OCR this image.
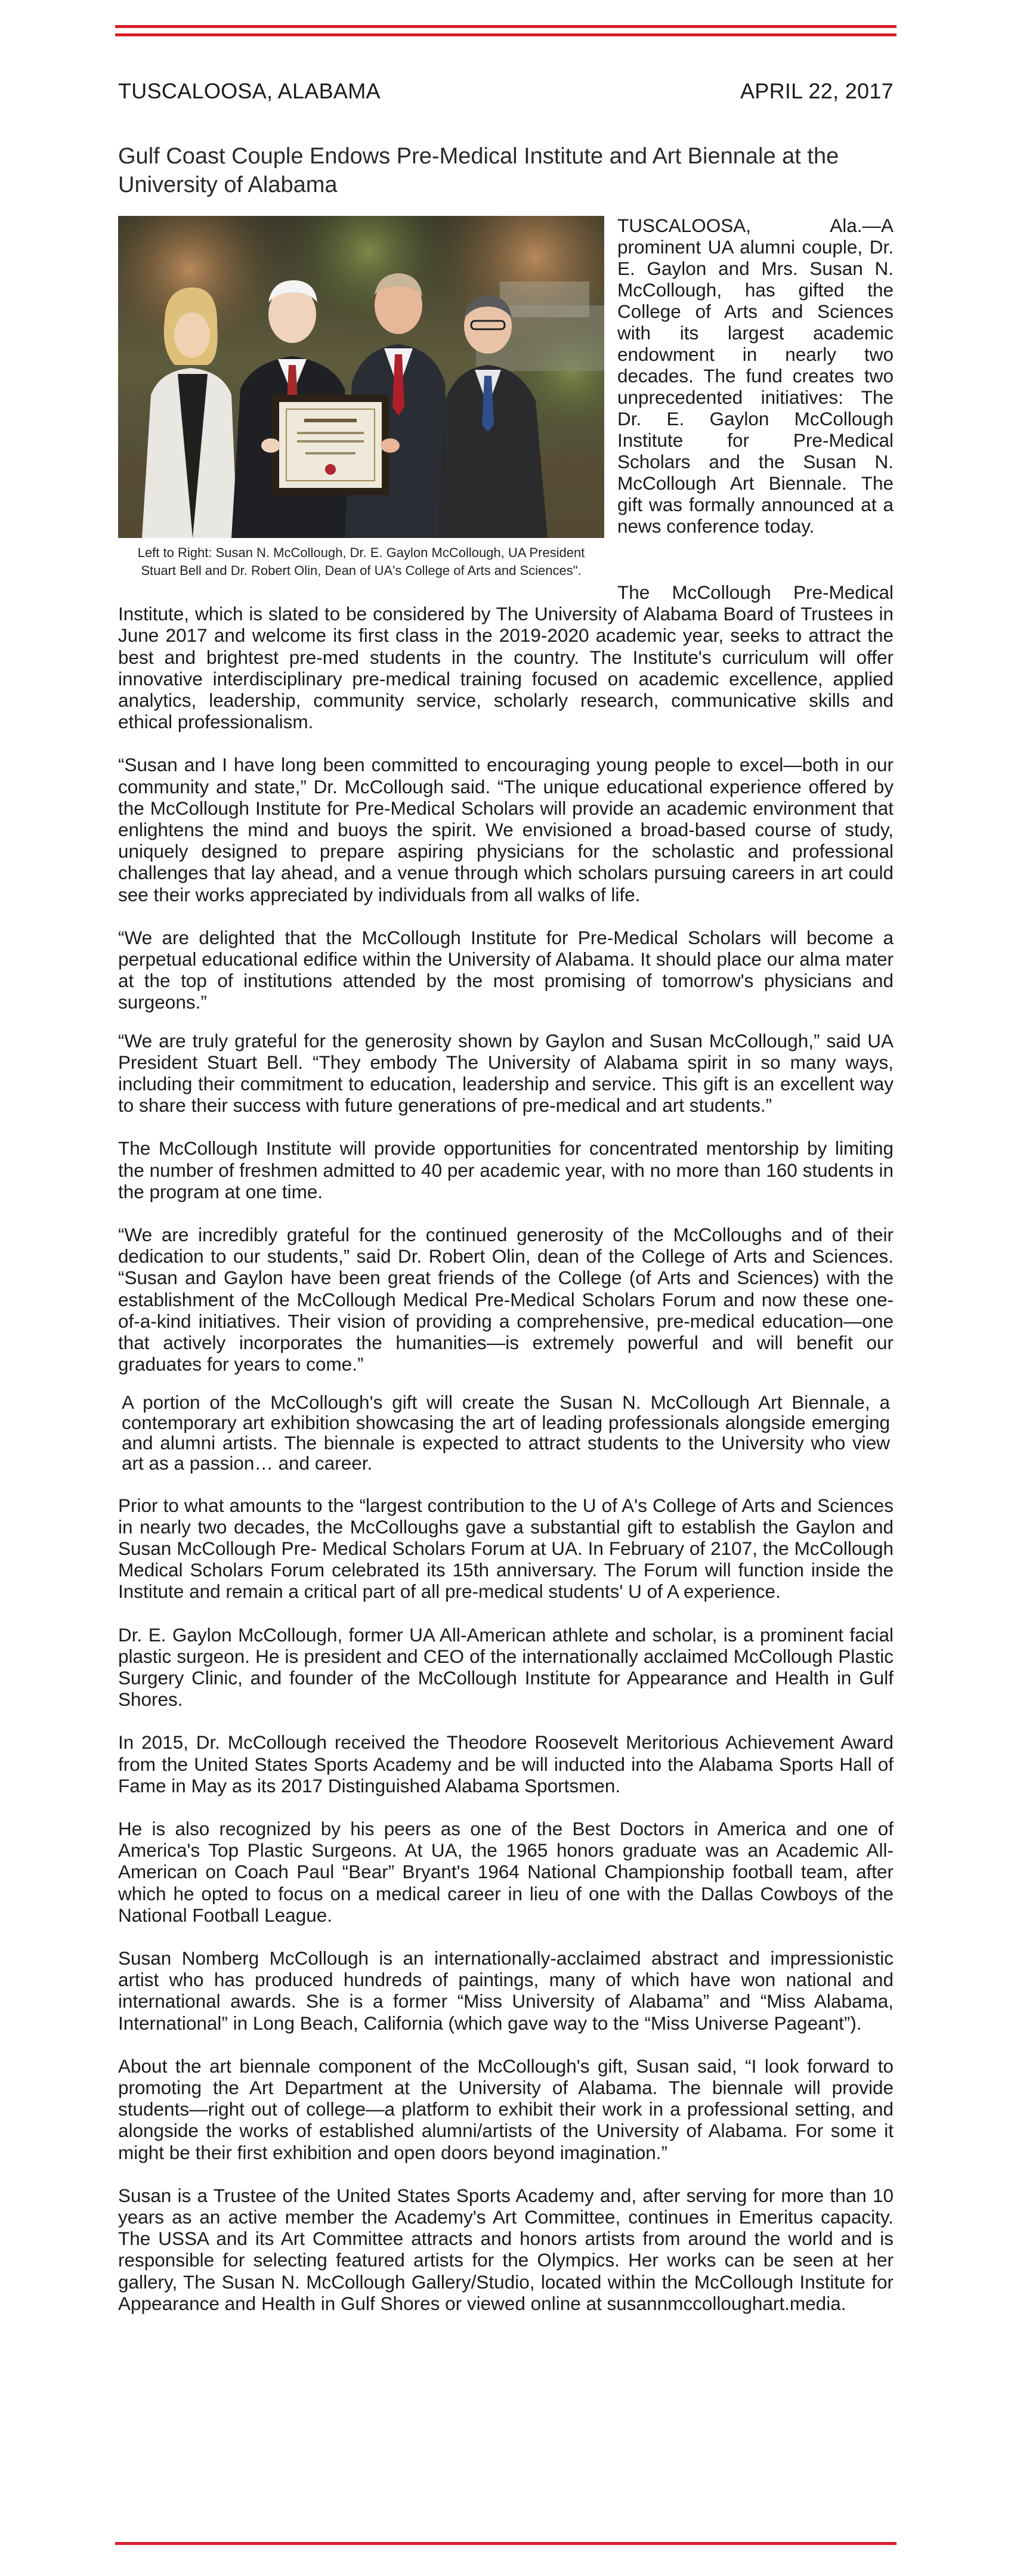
TUSCALOOSA, ALABAMA	APRIL 22, 2017
Gulf Coast Couple Endows Pre-Medical Institute and Art Biennale at the University of Alabama
Left to Right: Susan N. McCollough, Dr. E. Gaylon McCollough, UA President
Stuart Bell and Dr. Robert Olin, Dean of UA's College of Arts and Sciences".

TUSCALOOSA, Ala.—A prominent UA alumni couple, Dr. E. Gaylon and Mrs. Susan N. McCollough, has gifted the College of Arts and Sciences with its largest academic endowment in nearly two decades. The fund creates two unprecedented initiatives: The Dr. E. Gaylon McCollough Institute for Pre-Medical Scholars and the Susan N. McCollough Art Biennale. The gift was formally announced at a news conference today.

The McCollough Pre-Medical Institute, which is slated to be considered by The University of Alabama Board of Trustees in June 2017 and welcome its first class in the 2019-2020 academic year, seeks to attract the best and brightest pre-med students in the country. The Institute's curriculum will offer innovative interdisciplinary pre-medical training focused on academic excellence, applied analytics, leadership, community service, scholarly research, communicative skills and ethical professionalism.

“Susan and I have long been committed to encouraging young people to excel—both in our community and state,” Dr. McCollough said. “The unique educational experience offered by the McCollough Institute for Pre-Medical Scholars will provide an academic environment that enlightens the mind and buoys the spirit. We envisioned a broad-based course of study, uniquely designed to prepare aspiring physicians for the scholastic and professional challenges that lay ahead, and a venue through which scholars pursuing careers in art could see their works appreciated by individuals from all walks of life.

“We are delighted that the McCollough Institute for Pre-Medical Scholars will become a perpetual educational edifice within the University of Alabama. It should place our alma mater at the top of institutions attended by the most promising of tomorrow's physicians and surgeons.”

“We are truly grateful for the generosity shown by Gaylon and Susan McCollough,” said UA President Stuart Bell. “They embody The University of Alabama spirit in so many ways, including their commitment to education, leadership and service. This gift is an excellent way to share their success with future generations of pre-medical and art students.”

The McCollough Institute will provide opportunities for concentrated mentorship by limiting the number of freshmen admitted to 40 per academic year, with no more than 160 students in the program at one time.

“We are incredibly grateful for the continued generosity of the McColloughs and of their dedication to our students,” said Dr. Robert Olin, dean of the College of Arts and Sciences. “Susan and Gaylon have been great friends of the College (of Arts and Sciences) with the establishment of the McCollough Medical Pre-Medical Scholars Forum and now these one-of-a-kind initiatives. Their vision of providing a comprehensive, pre-medical education—one that actively incorporates the humanities—is extremely powerful and will benefit our graduates for years to come.”

A portion of the McCollough's gift will create the Susan N. McCollough Art Biennale, a contemporary art exhibition showcasing the art of leading professionals alongside emerging and alumni artists. The biennale is expected to attract students to the University who view art as a passion… and career.

Prior to what amounts to the “largest contribution to the U of A's College of Arts and Sciences in nearly two decades, the McColloughs gave a substantial gift to establish the Gaylon and Susan McCollough Pre- Medical Scholars Forum at UA. In February of 2107, the McCollough Medical Scholars Forum celebrated its 15th anniversary. The Forum will function inside the Institute and remain a critical part of all pre-medical students' U of A experience.

Dr. E. Gaylon McCollough, former UA All-American athlete and scholar, is a prominent facial plastic surgeon. He is president and CEO of the internationally acclaimed McCollough Plastic Surgery Clinic, and founder of the McCollough Institute for Appearance and Health in Gulf Shores.

In 2015, Dr. McCollough received the Theodore Roosevelt Meritorious Achievement Award from the United States Sports Academy and be will inducted into the Alabama Sports Hall of Fame in May as its 2017 Distinguished Alabama Sportsmen.

He is also recognized by his peers as one of the Best Doctors in America and one of America's Top Plastic Surgeons. At UA, the 1965 honors graduate was an Academic All-American on Coach Paul “Bear” Bryant's 1964 National Championship football team, after which he opted to focus on a medical career in lieu of one with the Dallas Cowboys of the National Football League.

Susan Nomberg McCollough is an internationally-acclaimed abstract and impressionistic artist who has produced hundreds of paintings, many of which have won national and international awards. She is a former “Miss University of Alabama” and “Miss Alabama, International” in Long Beach, California (which gave way to the “Miss Universe Pageant”).

About the art biennale component of the McCollough's gift, Susan said, “I look forward to promoting the Art Department at the University of Alabama. The biennale will provide students—right out of college—a platform to exhibit their work in a professional setting, and alongside the works of established alumni/artists of the University of Alabama. For some it might be their first exhibition and open doors beyond imagination.”

Susan is a Trustee of the United States Sports Academy and, after serving for more than 10 years as an active member the Academy's Art Committee, continues in Emeritus capacity. The USSA and its Art Committee attracts and honors artists from around the world and is responsible for selecting featured artists for the Olympics. Her works can be seen at her gallery, The Susan N. McCollough Gallery/Studio, located within the McCollough Institute for Appearance and Health in Gulf Shores or viewed online at susannmccolloughart.media.
